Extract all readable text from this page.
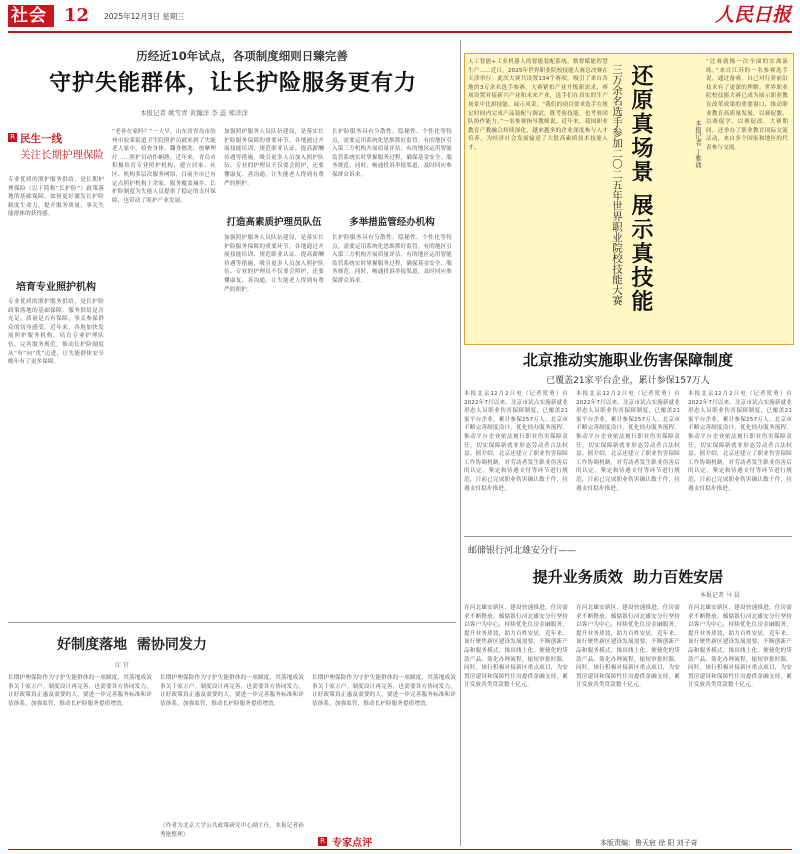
社会 12 2025年12月3日 星期三	人民日报
历经近10年试点，各项制度细则日臻完善
守护失能群体，让长护险服务更有力
本报记者 姚雪青 黄瀚洋 李 蕊 郑洋洋
R 民生一线
关注长期护理保险
专业优质的照护服务供给，是长期护理保险（以下简称“长护险”）政策落地的基础保障。如何更好激发长护险制度生命力，提升服务质量，事关失能群体的获得感。
培育专业照护机构
专业优质的照护服务供给，是长护险政策落地的基础保障。服务供给是否充足，质量是否有保障，事关参保群众的切身感受。近年来，各地加快发展照护服务机构，培育专业护理队伍，完善服务规范，推动长护险制度从“有”向“优”迈进，让失能群体安享晚年有了更多保障。
“老孙在家吗？”一大早，山东省青岛市胶州市胶莱街道卫生院照护员就来到了失能老人家中。检查身体、翻身擦洗、按摩理疗……照护员动作娴熟。近年来，青岛市积极培育专业照护机构，建立居家、社区、机构多层次服务网络，目前全市已有定点照护机构千余家，服务覆盖城乡。长护险制度为失能人员提供了稳定的支付保障，也带动了照护产业发展。
加强照护服务人员队伍建设，是落实长护险服务保障的重要环节。各地通过开展技能培训、规范职业认证、提高薪酬待遇等措施，吸引更多人员加入照护队伍。专业的护理员不仅要会照护，还要懂康复、善沟通，让失能老人得到有尊严的照护。
打造高素质护理员队伍
加强照护服务人员队伍建设，是落实长护险服务保障的重要环节。各地通过开展技能培训、规范职业认证、提高薪酬待遇等措施，吸引更多人员加入照护队伍。专业的护理员不仅要会照护，还要懂康复、善沟通，让失能老人得到有尊严的照护。
长护险服务具有分散性、隐秘性、个性化等特点，需要运用系统化思维抓好监管。有的地区引入第三方机构开展质量评估，有的地区运用智能监管系统实时掌握服务过程，确保基金安全、服务规范。同时，畅通投诉举报渠道，及时回应参保群众诉求。
多举措监管经办机构
长护险服务具有分散性、隐秘性、个性化等特点，需要运用系统化思维抓好监管。有的地区引入第三方机构开展质量评估，有的地区运用智能监管系统实时掌握服务过程，确保基金安全、服务规范。同时，畅通投诉举报渠道，及时回应参保群众诉求。
好制度落地  需协同发力
江 宜
长期护理保险作为守护失能群体的一项制度，其落地成效事关千家万户。制度设计再完善，也需要各方协同发力，让好政策真正惠及需要的人。要进一步完善服务标准和评估体系，加强监管，推动长护险服务提质增效。
长期护理保险作为守护失能群体的一项制度，其落地成效事关千家万户。制度设计再完善，也需要各方协同发力，让好政策真正惠及需要的人。要进一步完善服务标准和评估体系，加强监管，推动长护险服务提质增效。
（作者为北京大学公共政策研究中心副主任，本报记者孙秀艳整理）
长期护理保险作为守护失能群体的一项制度，其落地成效事关千家万户。制度设计再完善，也需要各方协同发力，让好政策真正惠及需要的人。要进一步完善服务标准和评估体系，加强监管，推动长护险服务提质增效。
R 专家点评
人工智能+工业机器人的智能装配系统、数智赋能智慧生产……近日，2025年世界职业院校技能大赛总决赛在天津举行。此次大赛共设置134个赛项，吸引了来自各地的3万余名选手参赛。大赛紧扣产业升级新需求，赛项设置对接新兴产业和未来产业，选手们在真实的生产场景中比拼技能、展示风采。“我们的项目要求选手在规定时间内完成产品装配与调试，既考验技能，也考验团队协作能力。”一名参赛指导教师说。近年来，我国职业教育产教融合持续深化，越来越多的企业深度参与人才培养，为经济社会发展输送了大批高素质技术技能人才。	三万余名选手参加二〇二五年世界职业院校技能大赛 还原真场景 展示真技能	本报记者 丁雅诵
“比赛就像一次全面的实战演练。”来自江苏的一名参赛选手说，通过备赛，自己对行业前沿技术有了更深的理解。世界职业院校技能大赛已成为展示职业教育改革成果的重要窗口，推动职业教育高质量发展，以赛促教、以赛促学、以赛促改。大赛期间，还举办了职业教育国际交流活动，来自多个国家和地区的代表参与交流。
北京推动实施职业伤害保障制度
已覆盖21家平台企业，累计参保157万人
本报北京12月2日电（记者贺勇）自2022年7月以来，北京市试点实施新就业形态人员职业伤害保障制度，已覆盖21家平台企业，累计参保157万人。北京市不断完善制度设计，优化经办服务流程，推动平台企业依法履行职业伤害保障责任，切实保障新就业形态劳动者合法权益。据介绍，北京还建立了职业伤害保障工作协调机制，对劳动者发生职业伤害后的认定、鉴定和待遇支付等环节进行规范，目前已完成职业伤害确认数千件，待遇支付稳步推进。
本报北京12月2日电（记者贺勇）自2022年7月以来，北京市试点实施新就业形态人员职业伤害保障制度，已覆盖21家平台企业，累计参保157万人。北京市不断完善制度设计，优化经办服务流程，推动平台企业依法履行职业伤害保障责任，切实保障新就业形态劳动者合法权益。据介绍，北京还建立了职业伤害保障工作协调机制，对劳动者发生职业伤害后的认定、鉴定和待遇支付等环节进行规范，目前已完成职业伤害确认数千件，待遇支付稳步推进。
本报北京12月2日电（记者贺勇）自2022年7月以来，北京市试点实施新就业形态人员职业伤害保障制度，已覆盖21家平台企业，累计参保157万人。北京市不断完善制度设计，优化经办服务流程，推动平台企业依法履行职业伤害保障责任，切实保障新就业形态劳动者合法权益。据介绍，北京还建立了职业伤害保障工作协调机制，对劳动者发生职业伤害后的认定、鉴定和待遇支付等环节进行规范，目前已完成职业伤害确认数千件，待遇支付稳步推进。
邮储银行河北雄安分行——
提升业务质效  助力百姓安居
本报记者 马 晨
在河北雄安新区，建设快速推进，住房需求不断释放。邮储银行河北雄安分行坚持以客户为中心，持续优化住房金融服务，提升业务质效，助力百姓安居。近年来，该行聚焦新区建设发展需要，不断创新产品和服务模式，推出线上化、便捷化的贷款产品，简化办理流程，缩短审批时限。同时，该行积极对接新区重点项目，为安置房建设和保障性住房提供金融支持，累计发放各类贷款数十亿元。
在河北雄安新区，建设快速推进，住房需求不断释放。邮储银行河北雄安分行坚持以客户为中心，持续优化住房金融服务，提升业务质效，助力百姓安居。近年来，该行聚焦新区建设发展需要，不断创新产品和服务模式，推出线上化、便捷化的贷款产品，简化办理流程，缩短审批时限。同时，该行积极对接新区重点项目，为安置房建设和保障性住房提供金融支持，累计发放各类贷款数十亿元。
在河北雄安新区，建设快速推进，住房需求不断释放。邮储银行河北雄安分行坚持以客户为中心，持续优化住房金融服务，提升业务质效，助力百姓安居。近年来，该行聚焦新区建设发展需要，不断创新产品和服务模式，推出线上化、便捷化的贷款产品，简化办理流程，缩短审批时限。同时，该行积极对接新区重点项目，为安置房建设和保障性住房提供金融支持，累计发放各类贷款数十亿元。
本版责编：鲁天宸 徐 阳 刘子奇
